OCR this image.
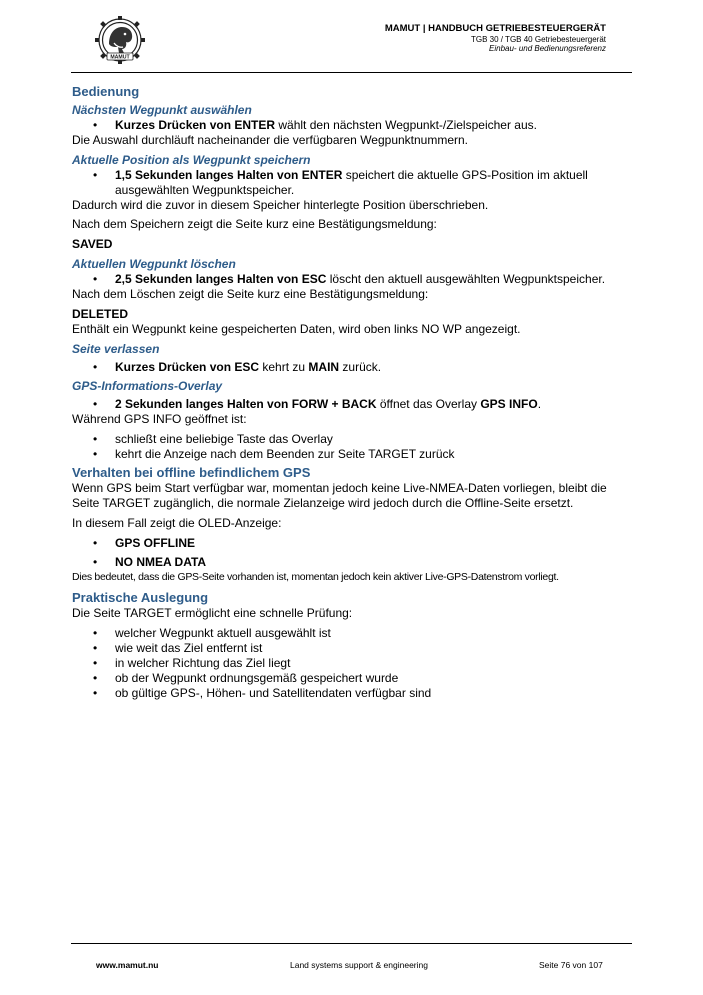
MAMUT
MAMUT | HANDBUCH GETRIEBESTEUERGERÄT
TGB 30 / TGB 40 Getriebesteuergerät
Einbau- und Bedienungsreferenz
Bedienung
Nächsten Wegpunkt auswählen
• Kurzes Drücken von ENTER wählt den nächsten Wegpunkt-/Zielspeicher aus.

Die Auswahl durchläuft nacheinander die verfügbaren Wegpunktnummern.

Aktuelle Position als Wegpunkt speichern
• 1,5 Sekunden langes Halten von ENTER speichert die aktuelle GPS-Position im aktuell ausgewählten Wegpunktspeicher.

Dadurch wird die zuvor in diesem Speicher hinterlegte Position überschrieben.

Nach dem Speichern zeigt die Seite kurz eine Bestätigungsmeldung:

SAVED

Aktuellen Wegpunkt löschen
• 2,5 Sekunden langes Halten von ESC löscht den aktuell ausgewählten Wegpunktspeicher.

Nach dem Löschen zeigt die Seite kurz eine Bestätigungsmeldung:

DELETED

Enthält ein Wegpunkt keine gespeicherten Daten, wird oben links NO WP angezeigt.

Seite verlassen
• Kurzes Drücken von ESC kehrt zu MAIN zurück.
GPS-Informations-Overlay
• 2 Sekunden langes Halten von FORW + BACK öffnet das Overlay GPS INFO.

Während GPS INFO geöffnet ist:

• schließt eine beliebige Taste das Overlay
• kehrt die Anzeige nach dem Beenden zur Seite TARGET zurück
Verhalten bei offline befindlichem GPS

Wenn GPS beim Start verfügbar war, momentan jedoch keine Live-NMEA-Daten vorliegen, bleibt die Seite TARGET zugänglich, die normale Zielanzeige wird jedoch durch die Offline-Seite ersetzt.

In diesem Fall zeigt die OLED-Anzeige:

• GPS OFFLINE
• NO NMEA DATA

Dies bedeutet, dass die GPS-Seite vorhanden ist, momentan jedoch kein aktiver Live-GPS-Datenstrom vorliegt.

Praktische Auslegung

Die Seite TARGET ermöglicht eine schnelle Prüfung:

• welcher Wegpunkt aktuell ausgewählt ist
• wie weit das Ziel entfernt ist
• in welcher Richtung das Ziel liegt
• ob der Wegpunkt ordnungsgemäß gespeichert wurde
• ob gültige GPS-, Höhen- und Satellitendaten verfügbar sind
www.mamut.nu	Land systems support & engineering	Seite 76 von 107
